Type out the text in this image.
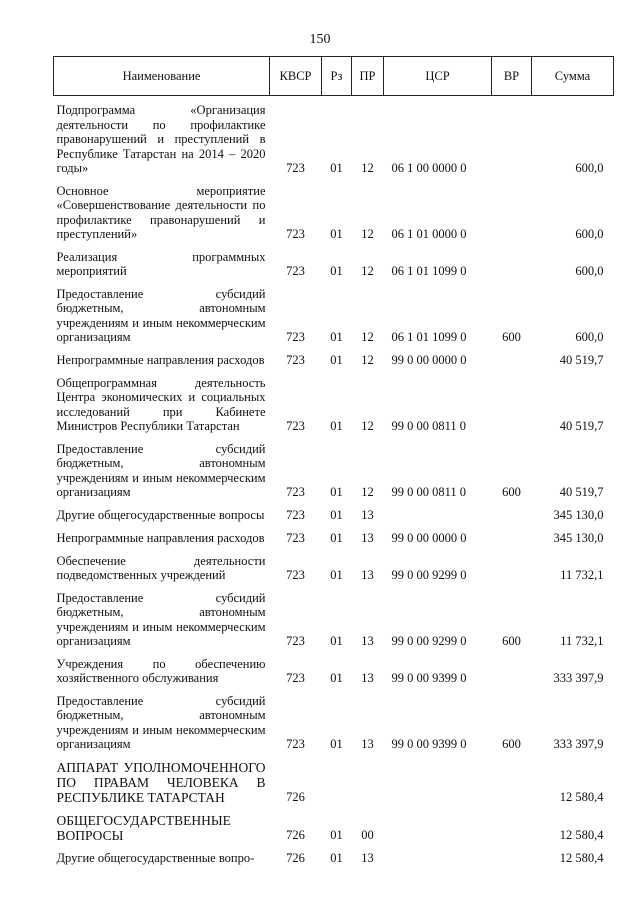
150
Наименование	КВСР	Рз	ПР	ЦСР	ВР	Сумма
Подпрограмма «Организация деятельности по профилактике правонарушений и преступлений в Республике Татарстан на 2014 – 2020 годы»	723	01	12	06 1 00 0000 0		600,0
Основное мероприятие «Совершенствование деятельности по профилактике правонарушений и преступлений»	723	01	12	06 1 01 0000 0		600,0
Реализация программных мероприятий	723	01	12	06 1 01 1099 0		600,0
Предоставление субсидий бюджетным, автономным учреждениям и иным некоммерческим организациям	723	01	12	06 1 01 1099 0	600	600,0
Непрограммные направления расходов	723	01	12	99 0 00 0000 0		40 519,7
Общепрограммная деятельность Центра экономических и социальных исследований при Кабинете Министров Республики Татарстан	723	01	12	99 0 00 0811 0		40 519,7
Предоставление субсидий бюджетным, автономным учреждениям и иным некоммерческим организациям	723	01	12	99 0 00 0811 0	600	40 519,7
Другие общегосударственные вопросы	723	01	13			345 130,0
Непрограммные направления расходов	723	01	13	99 0 00 0000 0		345 130,0
Обеспечение деятельности подведомственных учреждений	723	01	13	99 0 00 9299 0		11 732,1
Предоставление субсидий бюджетным, автономным учреждениям и иным некоммерческим организациям	723	01	13	99 0 00 9299 0	600	11 732,1
Учреждения по обеспечению хозяйственного обслуживания	723	01	13	99 0 00 9399 0		333 397,9
Предоставление субсидий бюджетным, автономным учреждениям и иным некоммерческим организациям	723	01	13	99 0 00 9399 0	600	333 397,9
АППАРАТ УПОЛНОМОЧЕННОГО ПО ПРАВАМ ЧЕЛОВЕКА В РЕСПУБЛИКЕ ТАТАРСТАН	726					12 580,4
ОБЩЕГОСУДАРСТВЕННЫЕ ВОПРОСЫ	726	01	00			12 580,4
Другие общегосударственные вопро-	726	01	13			12 580,4
